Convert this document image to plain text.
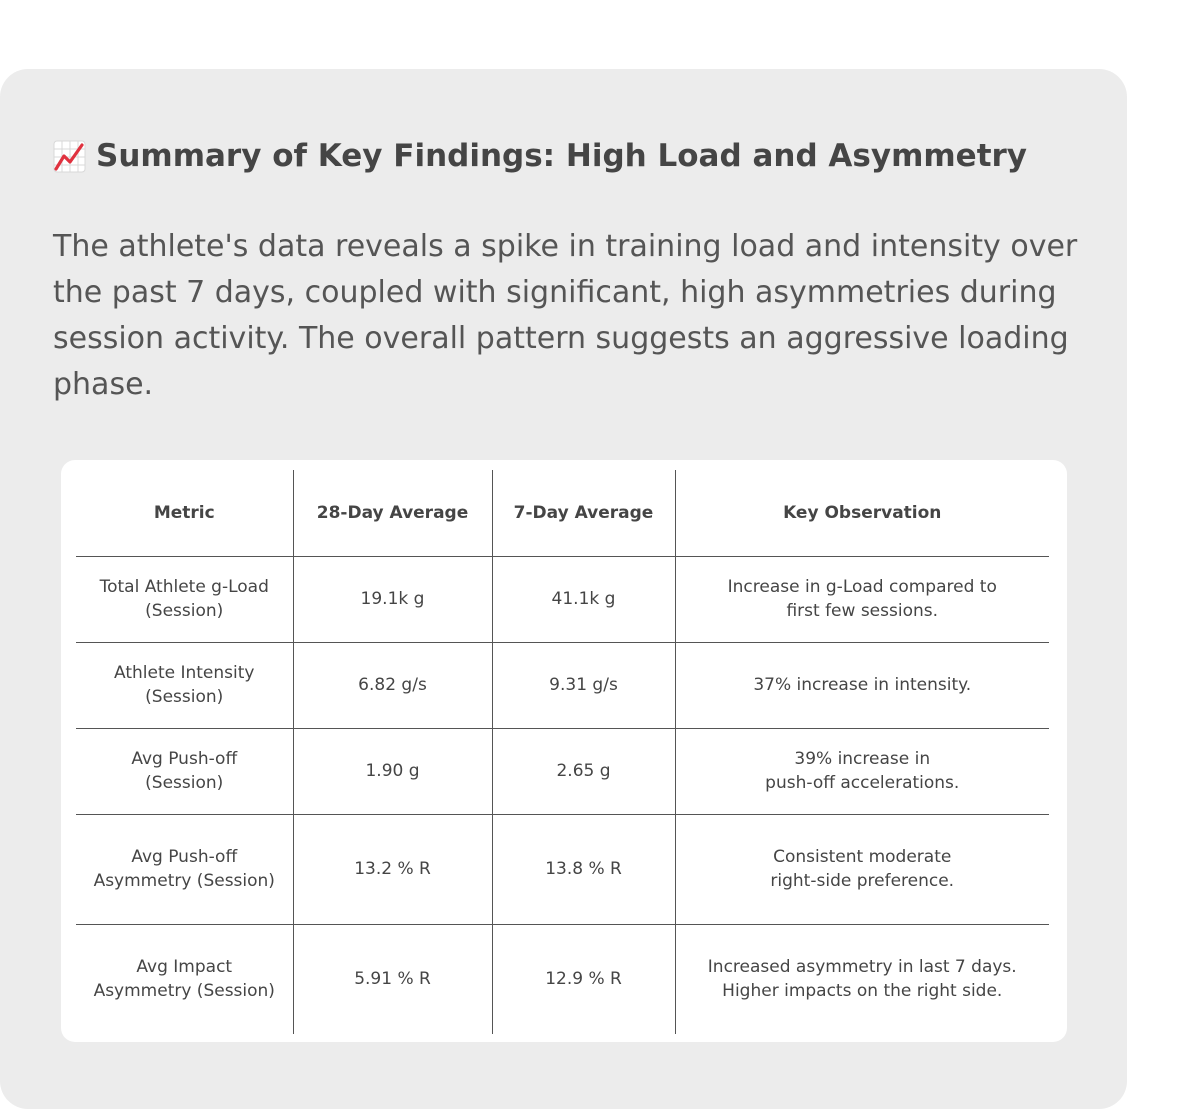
Summary of Key Findings: High Load and Asymmetry

The athlete's data reveals a spike in training load and intensity over the past 7 days, coupled with significant, high asymmetries during session activity. The overall pattern suggests an aggressive loading phase.

Metric	28-Day Average	7-Day Average	Key Observation

Total Athlete g-Load
(Session)	19.1k g	41.1k g	Increase in g-Load compared to
first few sessions.

Athlete Intensity
(Session)	6.82 g/s	9.31 g/s	37% increase in intensity.

Avg Push-off
(Session)	1.90 g	2.65 g	39% increase in
push-off accelerations.

Avg Push-off
Asymmetry (Session)	13.2 % R	13.8 % R	Consistent moderate
right-side preference.

Avg Impact
Asymmetry (Session)	5.91 % R	12.9 % R	Increased asymmetry in last 7 days.
Higher impacts on the right side.
